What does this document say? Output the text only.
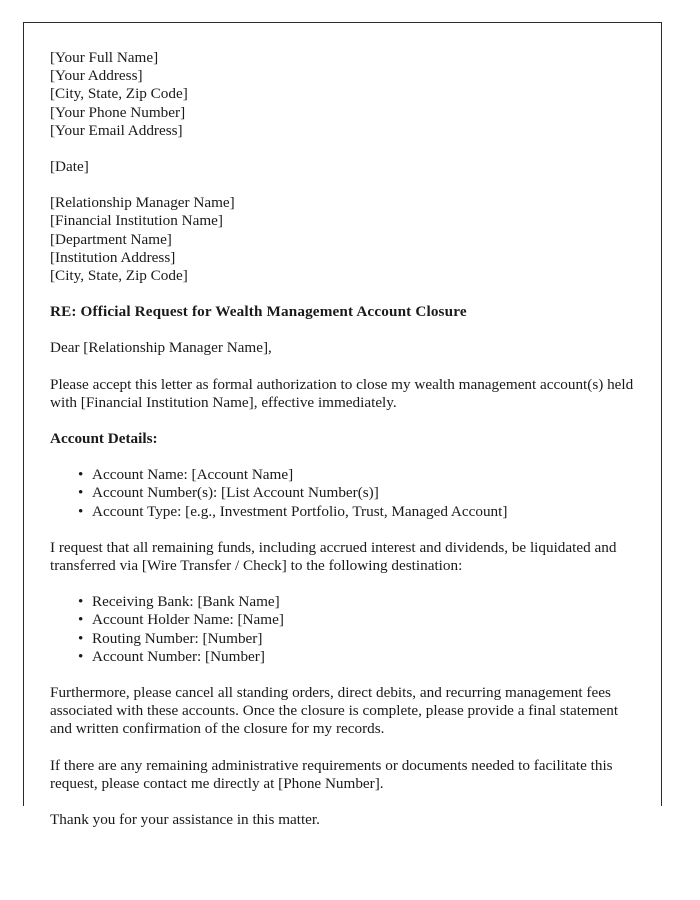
[Your Full Name]
[Your Address]
[City, State, Zip Code]
[Your Phone Number]
[Your Email Address]
[Date]
[Relationship Manager Name]
[Financial Institution Name]
[Department Name]
[Institution Address]
[City, State, Zip Code]
RE: Official Request for Wealth Management Account Closure
Dear [Relationship Manager Name],
Please accept this letter as formal authorization to close my wealth management account(s) held with [Financial Institution Name], effective immediately.
Account Details:
• Account Name: [Account Name]
• Account Number(s): [List Account Number(s)]
• Account Type: [e.g., Investment Portfolio, Trust, Managed Account]
I request that all remaining funds, including accrued interest and dividends, be liquidated and transferred via [Wire Transfer / Check] to the following destination:
• Receiving Bank: [Bank Name]
• Account Holder Name: [Name]
• Routing Number: [Number]
• Account Number: [Number]
Furthermore, please cancel all standing orders, direct debits, and recurring management fees associated with these accounts. Once the closure is complete, please provide a final statement and written confirmation of the closure for my records.
If there are any remaining administrative requirements or documents needed to facilitate this request, please contact me directly at [Phone Number].
Thank you for your assistance in this matter.
